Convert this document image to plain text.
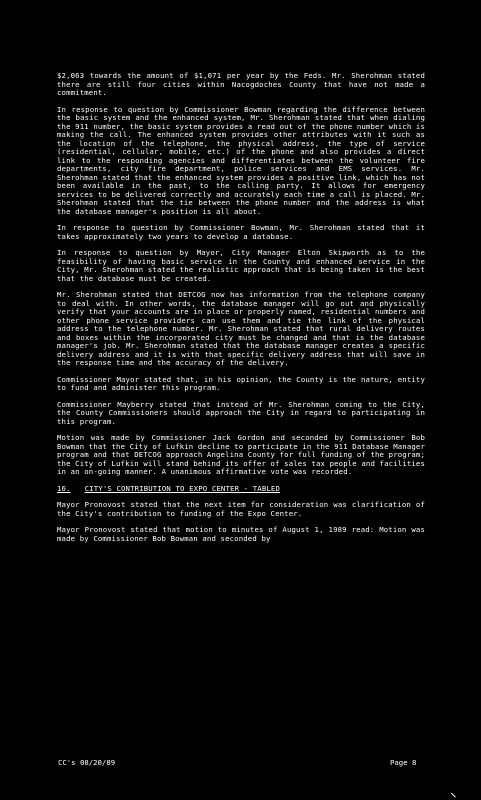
$2,063 towards the amount of $1,071 per year by the Feds. Mr. Sherohman stated there are still four cities within Nacogdoches County that have not made a commitment.

In response to question by Commissioner Bowman regarding the difference between the basic system and the enhanced system, Mr. Sherohman stated that when dialing the 911 number, the basic system provides a read out of the phone number which is making the call. The enhanced system provides other attributes with it such as the location of the telephone, the physical address, the type of service (residential, cellular, mobile, etc.) of the phone and also provides a direct link to the responding agencies and differentiates between the volunteer fire departments, city fire department, police services and EMS services. Mr. Sherohman stated that the enhanced system provides a positive link, which has not been available in the past, to the calling party. It allows for emergency services to be delivered correctly and accurately each time a call is placed. Mr. Sherohman stated that the tie between the phone number and the address is what the database manager's position is all about.

In response to question by Commissioner Bowman, Mr. Sherohman stated that it takes approximately two years to develop a database.

In response to question by Mayor, City Manager Elton Skipworth as to the feasibility of having basic service in the County and enhanced service in the City, Mr. Sherohman stated the realistic approach that is being taken is the best that the database must be created.

Mr. Sherohman stated that DETCOG now has information from the telephone company to deal with. In other words, the database manager will go out and physically verify that your accounts are in place or properly named, residential numbers and other phone service providers can use them and tie the link of the physical address to the telephone number. Mr. Sherohman stated that rural delivery routes and boxes within the incorporated city must be changed and that is the database manager's job. Mr. Sherohman stated that the database manager creates a specific delivery address and it is with that specific delivery address that will save in the response time and the accuracy of the delivery.

Commissioner Mayor stated that, in his opinion, the County is the nature, entity to fund and administer this program.

Commissioner Mayberry stated that instead of Mr. Sherohman coming to the City, the County Commissioners should approach the City in regard to participating in this program.

Motion was made by Commissioner Jack Gordon and seconded by Commissioner Bob Bowman that the City of Lufkin decline to participate in the 911 Database Manager program and that DETCOG approach Angelina County for full funding of the program; the City of Lufkin will stand behind its offer of sales tax people and facilities in an on-going manner. A unanimous affirmative vote was recorded.

16. CITY'S CONTRIBUTION TO EXPO CENTER - TABLED

Mayor Pronovost stated that the next item for consideration was clarification of the City's contribution to funding of the Expo Center.

Mayor Pronovost stated that motion to minutes of August 1, 1989 read: Motion was made by Commissioner Bob Bowman and seconded by

CC's 08/20/89	Page 8
